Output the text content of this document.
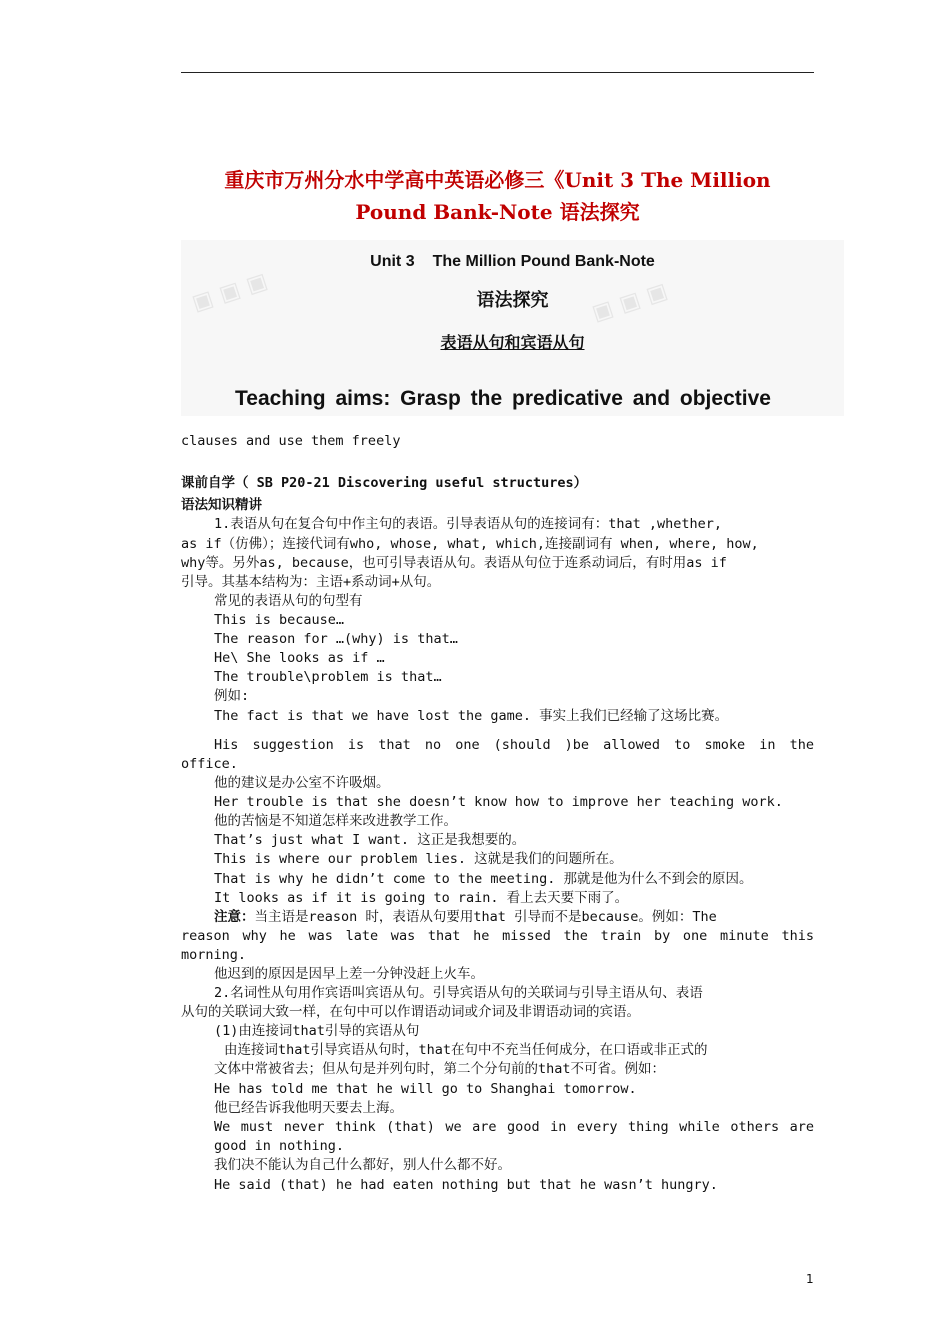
重庆市万州分水中学高中英语必修三《Unit 3 The Million
Pound Bank-Note 语法探究
▣ ▣ ▣	▣ ▣ ▣
Unit 3 The Million Pound Bank-Note
语法探究
表语从句和宾语从句
Teaching aims: Grasp the predicative and objective
clauses and use them freely
课前自学（ SB P20-21 Discovering useful structures）
语法知识精讲
1.表语从句在复合句中作主句的表语。引导表语从句的连接词有：that ,whether,
as if（仿佛）；连接代词有who, whose, what, which,连接副词有 when, where, how,
why等。另外as, because，也可引导表语从句。表语从句位于连系动词后，有时用as if
引导。其基本结构为：主语+系动词+从句。
常见的表语从句的句型有
This is because…
The reason for …(why) is that…
He\ She looks as if …
The trouble\problem is that…
例如:
The fact is that we have lost the game. 事实上我们已经输了这场比赛。
His suggestion is that no one (should )be allowed to smoke in the
office.
他的建议是办公室不许吸烟。
Her trouble is that she doesn’t know how to improve her teaching work.
他的苦恼是不知道怎样来改进教学工作。
That’s just what I want. 这正是我想要的。
This is where our problem lies. 这就是我们的问题所在。
That is why he didn’t come to the meeting. 那就是他为什么不到会的原因。
It looks as if it is going to rain. 看上去天要下雨了。
注意：当主语是reason 时，表语从句要用that 引导而不是because。例如：The
reason why he was late was that he missed the train by one minute this
morning.
他迟到的原因是因早上差一分钟没赶上火车。
2.名词性从句用作宾语叫宾语从句。引导宾语从句的关联词与引导主语从句、表语
从句的关联词大致一样，在句中可以作谓语动词或介词及非谓语动词的宾语。
(1)由连接词that引导的宾语从句
由连接词that引导宾语从句时，that在句中不充当任何成分，在口语或非正式的
文体中常被省去；但从句是并列句时，第二个分句前的that不可省。例如：
He has told me that he will go to Shanghai tomorrow.
他已经告诉我他明天要去上海。
We must never think (that) we are good in every thing while others are
good in nothing.
我们决不能认为自己什么都好，别人什么都不好。
He said (that) he had eaten nothing but that he wasn’t hungry.
1
